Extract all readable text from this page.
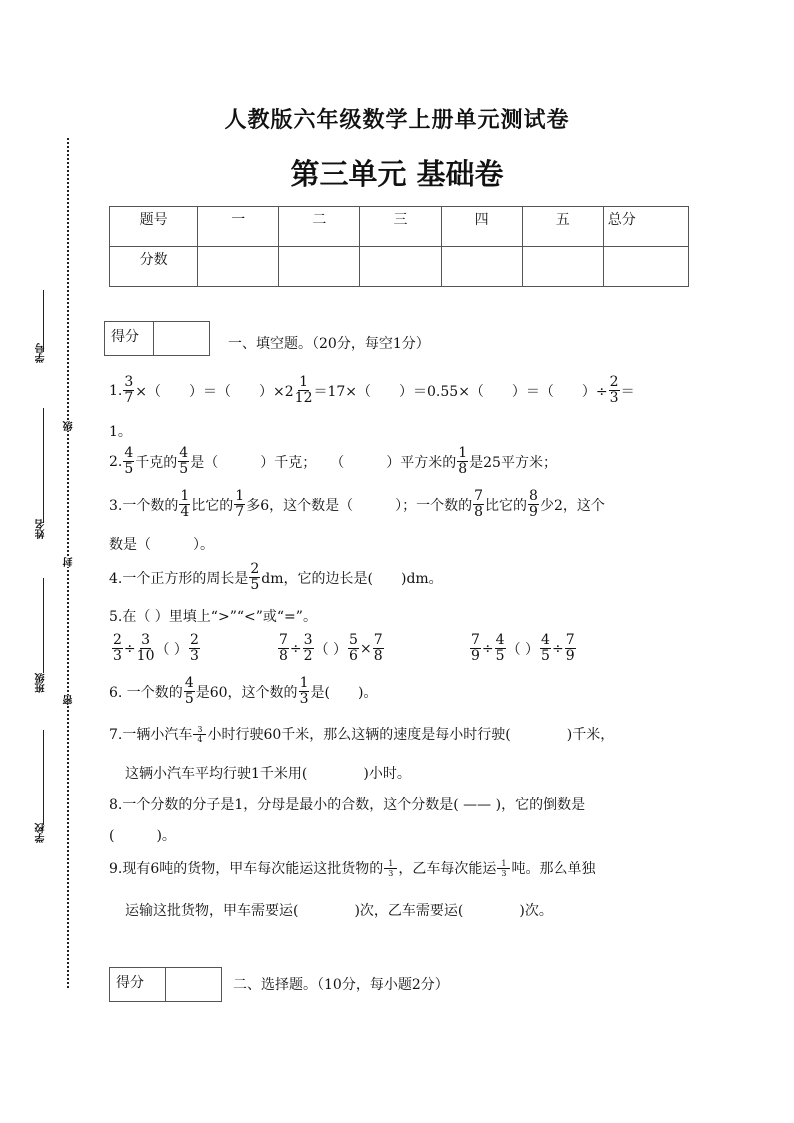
学号
姓名
班级
学校
级
封
密
人教版六年级数学上册单元测试卷
第三单元 基础卷
题号	一	二	三	四	五	总分
分数						
得分	一、填空题。（20分，每空1分）
1. $\frac{3}{7}$ ×（　　）＝（　　）$\times 2 \frac{1}{12} =17\times$（　　）＝0.55×（　　）＝（　　）÷ $\frac{2}{3}$ ＝
1。
2. $\frac{4}{5}$ 千克的 $\frac{4}{5}$ 是（　　　）千克；　　（　　　）平方米的 $\frac{1}{8}$ 是25平方米；
3.一个数的 $\frac{1}{4}$ 比它的 $\frac{1}{7}$ 多6，这个数是（　　　）；一个数的 $\frac{7}{8}$ 比它的 $\frac{8}{9}$ 少2，这个
数是（　　　）。
4.一个正方形的周长是 $\frac{2}{5}$ dm，它的边长是(　　)dm。
5.在（ ）里填上“>”“<”或“=”。
$\frac{2}{3} \div \frac{3}{10}$ （ ） $\frac{2}{3}$	$\frac{7}{8} \div \frac{3}{2}$ （ ） $\frac{5}{6} \times \frac{7}{8}$	$\frac{7}{9} \div \frac{4}{5}$ （ ） $\frac{4}{5} \div \frac{7}{9}$
6. 一个数的 $\frac{4}{5}$ 是60，这个数的 $\frac{1}{3}$ 是(　　)。
7.一辆小汽车 $\frac{3}{4}$ 小时行驶60千米，那么这辆的速度是每小时行驶(　　　　)千米，
这辆小汽车平均行驶1千米用(　　　　)小时。
8.一个分数的分子是1，分母是最小的合数，这个分数是( —— )，它的倒数是
(　　　)。
9.现有6吨的货物，甲车每次能运这批货物的 $\frac{1}{3}$ ，乙车每次能运 $\frac{1}{3}$ 吨。那么单独
运输这批货物，甲车需要运(　　　　)次，乙车需要运(　　　　)次。
得分	二、选择题。（10分，每小题2分）
